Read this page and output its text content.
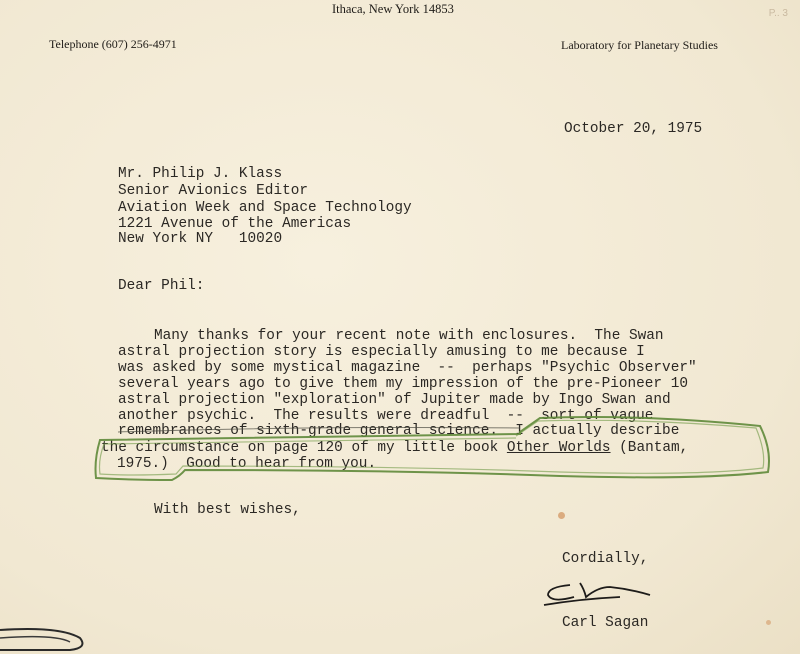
Ithaca, New York 14853
Telephone (607) 256-4971	Laboratory for Planetary Studies
P.. 3
October 20, 1975
Mr. Philip J. Klass
Senior Avionics Editor
Aviation Week and Space Technology
1221 Avenue of the Americas
New York NY   10020
Dear Phil:
Many thanks for your recent note with enclosures.  The Swan
astral projection story is especially amusing to me because I
was asked by some mystical magazine  --  perhaps "Psychic Observer"
several years ago to give them my impression of the pre-Pioneer 10
astral projection "exploration" of Jupiter made by Ingo Swan and
another psychic.  The results were dreadful  --  sort of vague
remembrances of sixth-grade general science.  I actually describe
the circumstance on page 120 of my little book Other Worlds (Bantam,
1975.)  Good to hear from you.
With best wishes,
Cordially,
Carl Sagan
